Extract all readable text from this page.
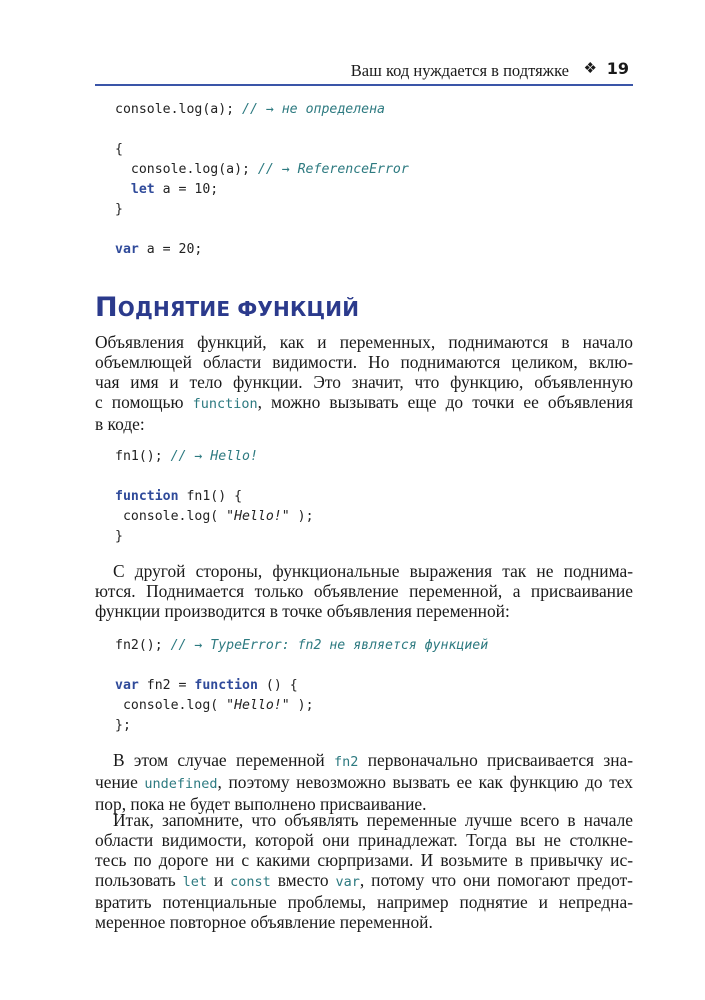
Ваш код нуждается в подтяжке ❖ 19
console.log(a); // → не определена

{
console.log(a); // → ReferenceError
let a = 10;
}

var a = 20;
ПОДНЯТИЕ ФУНКЦИЙ
Объявления функций, как и переменных, поднимаются в начало
объемлющей области видимости. Но поднимаются целиком, вклю-
чая имя и тело функции. Это значит, что функцию, объявленную
с помощью function, можно вызывать еще до точки ее объявления
в коде:
fn1(); // → Hello!

function fn1() {
console.log( "Hello!" );
}
С другой стороны, функциональные выражения так не поднима-
ются. Поднимается только объявление переменной, а присваивание
функции производится в точке объявления переменной:
fn2(); // → TypeError: fn2 не является функцией

var fn2 = function () {
console.log( "Hello!" );
};
В этом случае переменной fn2 первоначально присваивается зна-
чение undefined, поэтому невозможно вызвать ее как функцию до тех
пор, пока не будет выполнено присваивание.
Итак, запомните, что объявлять переменные лучше всего в начале
области видимости, которой они принадлежат. Тогда вы не столкне-
тесь по дороге ни с какими сюрпризами. И возьмите в привычку ис-
пользовать let и const вместо var, потому что они помогают предот-
вратить потенциальные проблемы, например поднятие и непредна-
меренное повторное объявление переменной.
